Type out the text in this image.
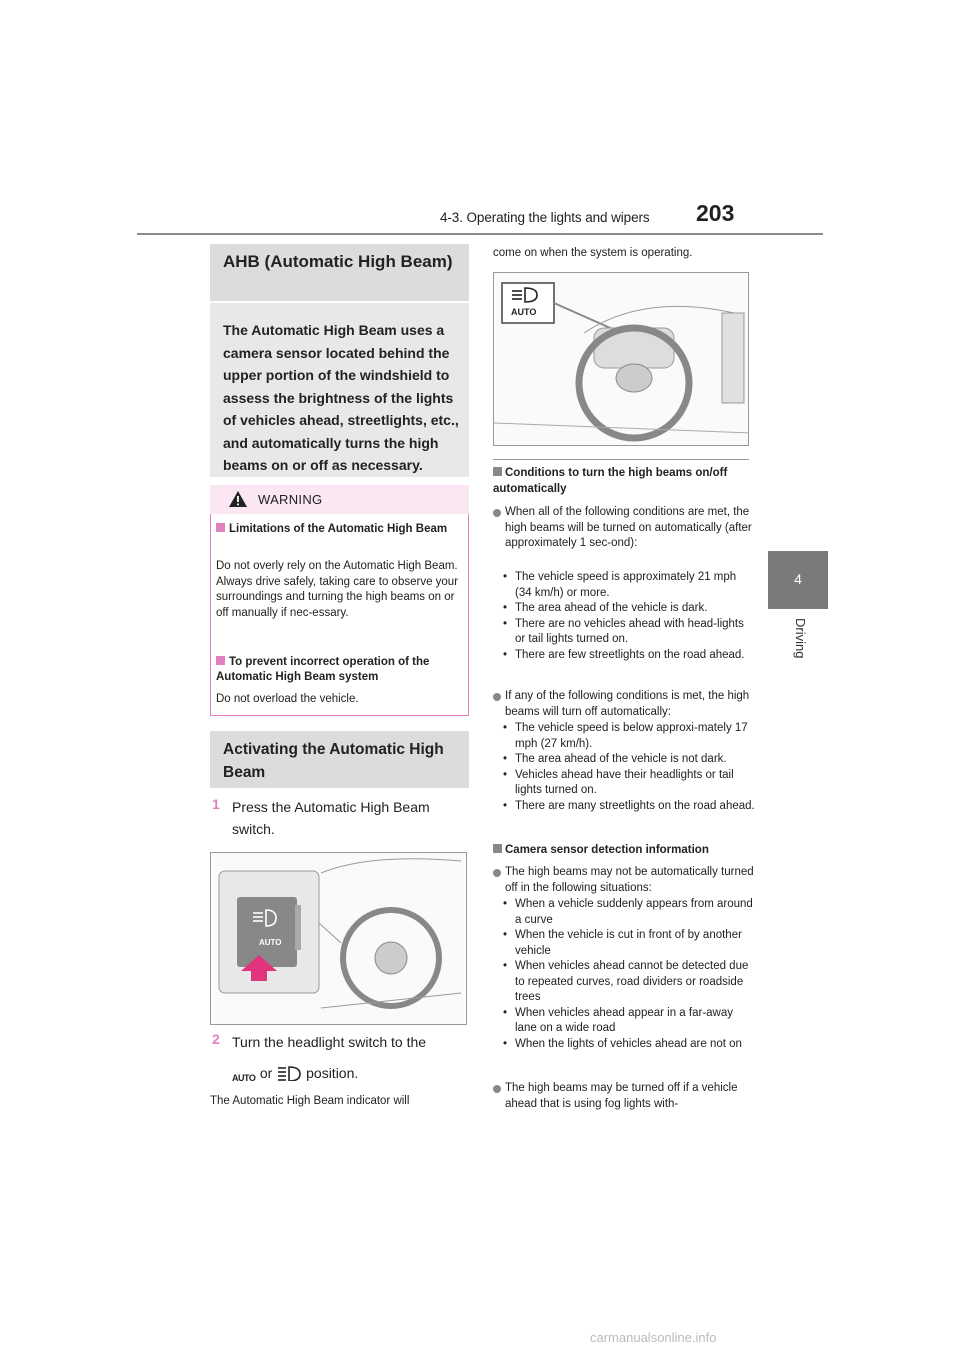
4-3. Operating the lights and wipers	203
4
Driving
AHB (Automatic High Beam)

The Automatic High Beam uses a camera sensor located behind the upper portion of the windshield to assess the brightness of the lights of vehicles ahead, streetlights, etc., and automatically turns the high beams on or off as necessary.

WARNING
Limitations of the Automatic High Beam
Do not overly rely on the Automatic High Beam. Always drive safely, taking care to observe your surroundings and turning the high beams on or off manually if nec-essary.
To prevent incorrect operation of the Automatic High Beam system
Do not overload the vehicle.
Activating the Automatic High Beam
1 Press the Automatic High Beam switch.
AUTO
2 Turn the headlight switch to the
AUTO or position.
The Automatic High Beam indicator will
come on when the system is operating.
AUTO
Conditions to turn the high beams on/off automatically
When all of the following conditions are met, the high beams will be turned on automatically (after approximately 1 sec-ond):
• The vehicle speed is approximately 21 mph (34 km/h) or more.
• The area ahead of the vehicle is dark.
• There are no vehicles ahead with head-lights or tail lights turned on.
• There are few streetlights on the road ahead.
If any of the following conditions is met, the high beams will turn off automatically:
• The vehicle speed is below approxi-mately 17 mph (27 km/h).
• The area ahead of the vehicle is not dark.
• Vehicles ahead have their headlights or tail lights turned on.
• There are many streetlights on the road ahead.
Camera sensor detection information
The high beams may not be automatically turned off in the following situations:
• When a vehicle suddenly appears from around a curve
• When the vehicle is cut in front of by another vehicle
• When vehicles ahead cannot be detected due to repeated curves, road dividers or roadside trees
• When vehicles ahead appear in a far-away lane on a wide road
• When the lights of vehicles ahead are not on
The high beams may be turned off if a vehicle ahead that is using fog lights with-
carmanualsonline.info
